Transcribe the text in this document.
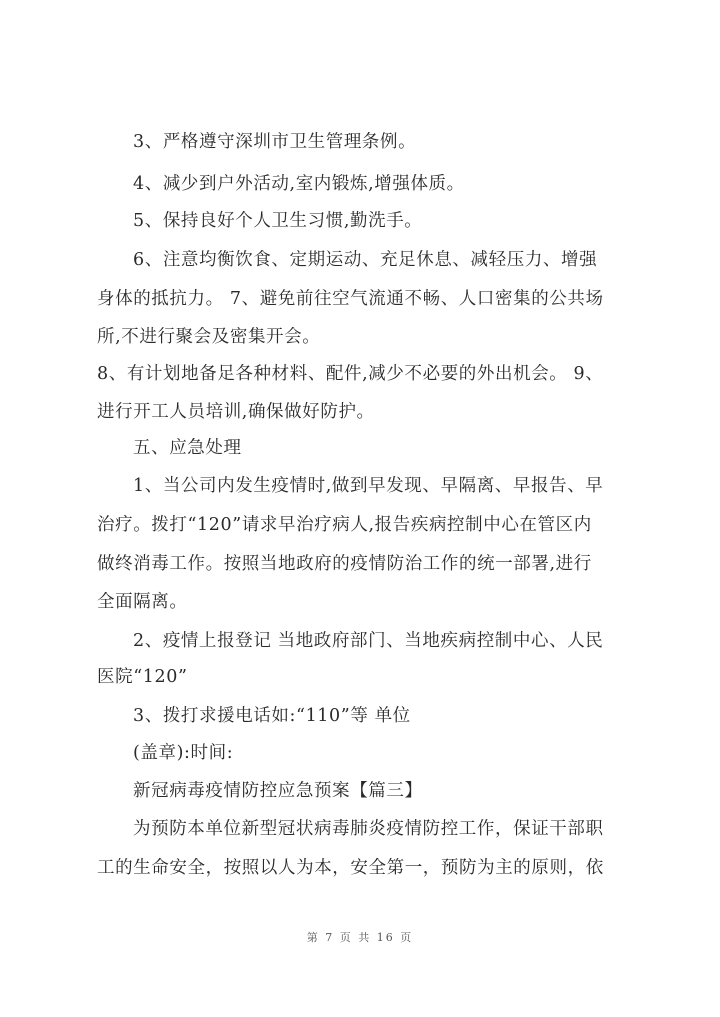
3、严格遵守深圳市卫生管理条例。
4、减少到户外活动,室内锻炼,增强体质。
5、保持良好个人卫生习惯,勤洗手。
6、注意均衡饮食、定期运动、充足休息、减轻压力、增强
身体的抵抗力。 7、避免前往空气流通不畅、人口密集的公共场
所,不进行聚会及密集开会。
8、有计划地备足各种材料、配件,减少不必要的外出机会。 9、
进行开工人员培训,确保做好防护。
五、应急处理
1、当公司内发生疫情时,做到早发现、早隔离、早报告、早
治疗。拨打“120”请求早治疗病人,报告疾病控制中心在管区内
做终消毒工作。按照当地政府的疫情防治工作的统一部署,进行
全面隔离。
2、疫情上报登记 当地政府部门、当地疾病控制中心、人民
医院“120”
3、拨打求援电话如:“110”等 单位
(盖章):时间:
新冠病毒疫情防控应急预案【篇三】
为预防本单位新型冠状病毒肺炎疫情防控工作，保证干部职
工的生命安全，按照以人为本，安全第一，预防为主的原则，依
第 7 页 共 16 页
